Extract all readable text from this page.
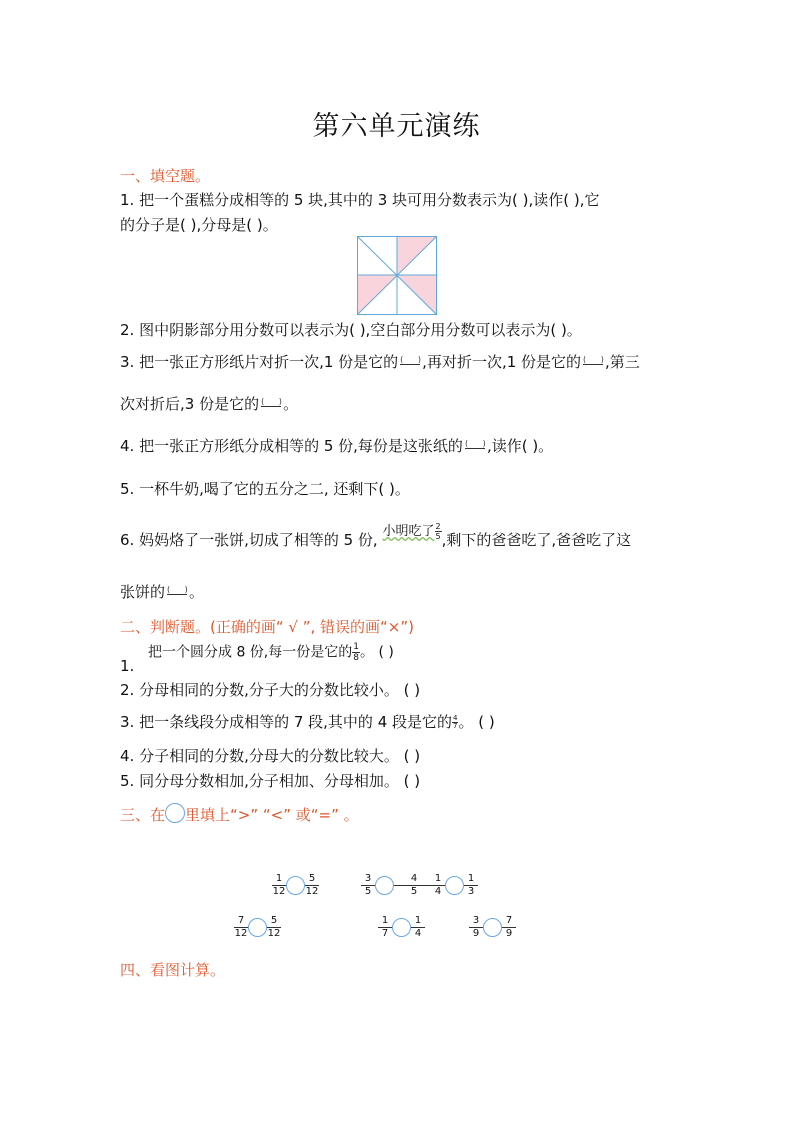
第六单元演练
一、填空题。
1. 把一个蛋糕分成相等的 5 块,其中的 3 块可用分数表示为( ),读作( ),它
的分子是( ),分母是( )。
2. 图中阴影部分用分数可以表示为( ),空白部分用分数可以表示为( )。
3. 把一张正方形纸片对折一次,1 份是它的 ( ) ,再对折一次,1 份是它的 ( ) ,第三
次对折后,3 份是它的 ( ) 。
4. 把一张正方形纸分成相等的 5 份,每份是这张纸的 ( ) ,读作( )。
5. 一杯牛奶,喝了它的五分之二, 还剩下( )。
6. 妈妈烙了一张饼,切成了相等的 5 份, 小明吃了 $\frac{2}{5}$ ,剩下的爸爸吃了,爸爸吃了这
张饼的 ( ) 。
二、判断题。(正确的画“ √ ”, 错误的画“×”)
1.
把一个圆分成 8 份,每一份是它的 $\frac{1}{8}$ 。 ( )
2. 分母相同的分数,分子大的分数比较小。 ( )
3. 把一条线段分成相等的 7 段,其中的 4 段是它的 $\frac{4}{7}$ 。 ( )
4. 分子相同的分数,分母大的分数比较大。 ( )
5. 同分母分数相加,分子相加、分母相加。 ( )
三、在 里填上“>” “<” 或“=” 。
$\frac{1}{12} \frac{5}{12}$	$\frac{3}{5} \frac{4}{5}$
$\frac{1}{4} \frac{1}{3}$
$\frac{7}{12} \frac{5}{12}$	$\frac{1}{7} \frac{1}{4}$	$\frac{3}{9} \frac{7}{9}$
四、看图计算。
